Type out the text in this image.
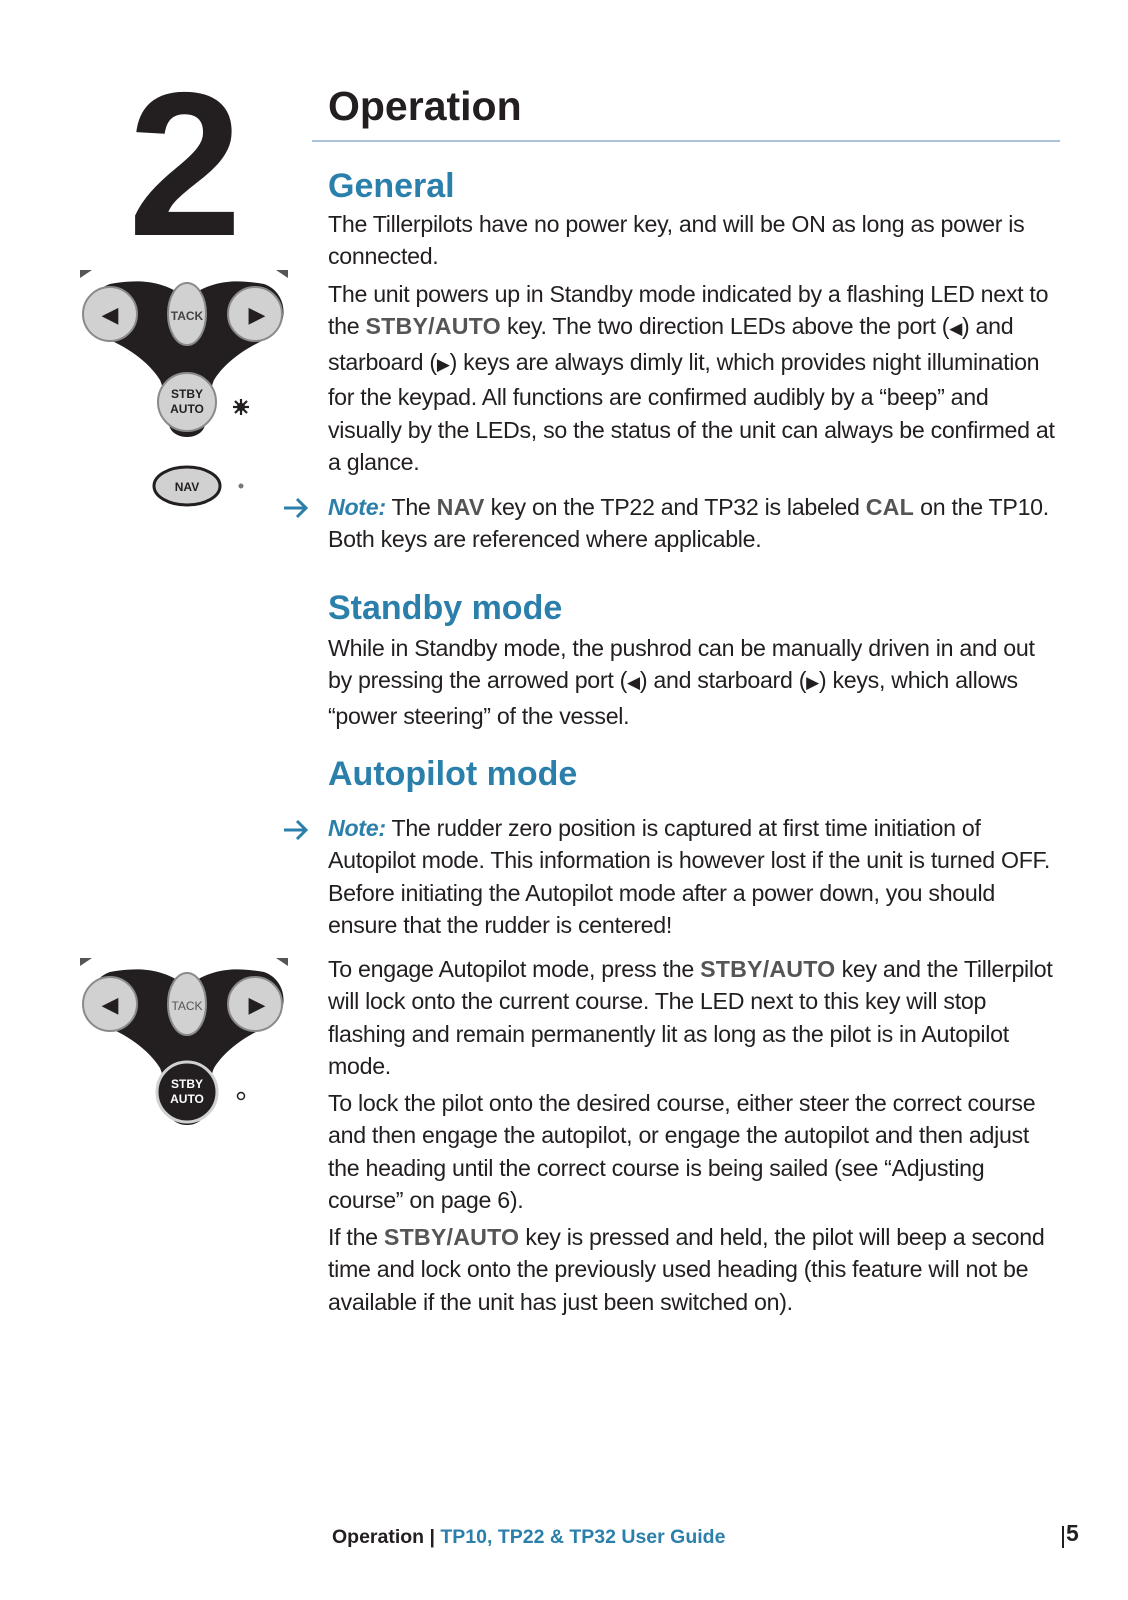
2 Operation
◀	▶
TACK
STBY
AUTO
NAV
◀	▶
TACK
STBY
AUTO
General
The Tillerpilots have no power key, and will be ON as long as power is connected.
The unit powers up in Standby mode indicated by a flashing LED next to the STBY/AUTO key. The two direction LEDs above the port (◀) and starboard (▶) keys are always dimly lit, which provides night illumination for the keypad. All functions are confirmed audibly by a “beep” and visually by the LEDs, so the status of the unit can always be confirmed at a glance.
Note: The NAV key on the TP22 and TP32 is labeled CAL on the TP10. Both keys are referenced where applicable.
Standby mode
While in Standby mode, the pushrod can be manually driven in and out by pressing the arrowed port (◀) and starboard (▶) keys, which allows “power steering” of the vessel.
Autopilot mode
Note: The rudder zero position is captured at first time initiation of Autopilot mode. This information is however lost if the unit is turned OFF. Before initiating the Autopilot mode after a power down, you should ensure that the rudder is centered!
To engage Autopilot mode, press the STBY/AUTO key and the Tillerpilot will lock onto the current course. The LED next to this key will stop flashing and remain permanently lit as long as the pilot is in Autopilot mode.
To lock the pilot onto the desired course, either steer the correct course and then engage the autopilot, or engage the autopilot and then adjust the heading until the correct course is being sailed (see “Adjusting course” on page 6).
If the STBY/AUTO key is pressed and held, the pilot will beep a second time and lock onto the previously used heading (this feature will not be available if the unit has just been switched on).
Operation | TP10, TP22 & TP32 User Guide	5
